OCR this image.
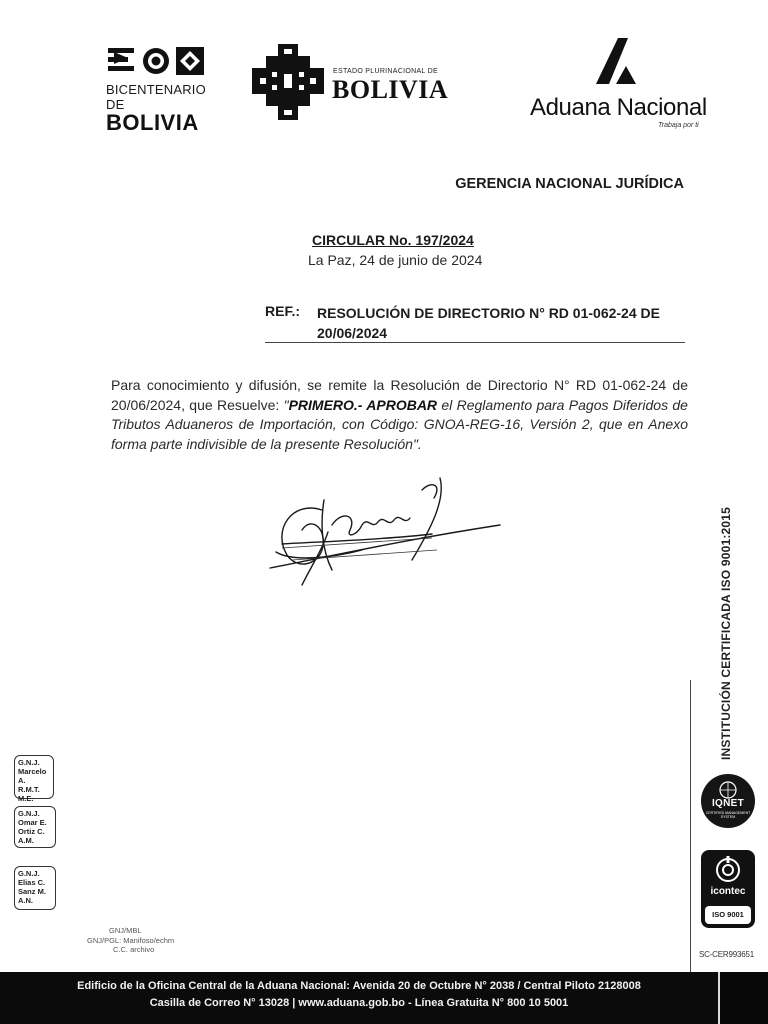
BICENTENARIO DE
BOLIVIA
ESTADO PLURINACIONAL DE
BOLIVIA
Aduana Nacional
Trabaja por ti
GERENCIA NACIONAL JURÍDICA
CIRCULAR No. 197/2024
La Paz, 24 de junio de 2024
REF.: RESOLUCIÓN DE DIRECTORIO N° RD 01-062-24 DE 20/06/2024

Para conocimiento y difusión, se remite la Resolución de Directorio N° RD 01-062-24 de 20/06/2024, que Resuelve: "PRIMERO.- APROBAR el Reglamento para Pagos Diferidos de Tributos Aduaneros de Importación, con Código: GNOA-REG-16, Versión 2, que en Anexo forma parte indivisible de la presente Resolución".

INSTITUCIÓN CERTIFICADA ISO 9001:2015
IQNET
CERTIFIED MANAGEMENT SYSTEM
icontec
ISO 9001
SC-CER993651
G.N.J.
Marcelo A.
R.M.T.
M.E.
G.N.J.
Omar E.
Ortiz C.
A.M.
G.N.J.
Elias C.
Sanz M.
A.N.
GNJ/MBL
GNJ/PGL: Manifoso/echm
C.C. archivo
Edificio de la Oficina Central de la Aduana Nacional: Avenida 20 de Octubre N° 2038 / Central Piloto 2128008
Casilla de Correo N° 13028 | www.aduana.gob.bo - Línea Gratuita N° 800 10 5001
